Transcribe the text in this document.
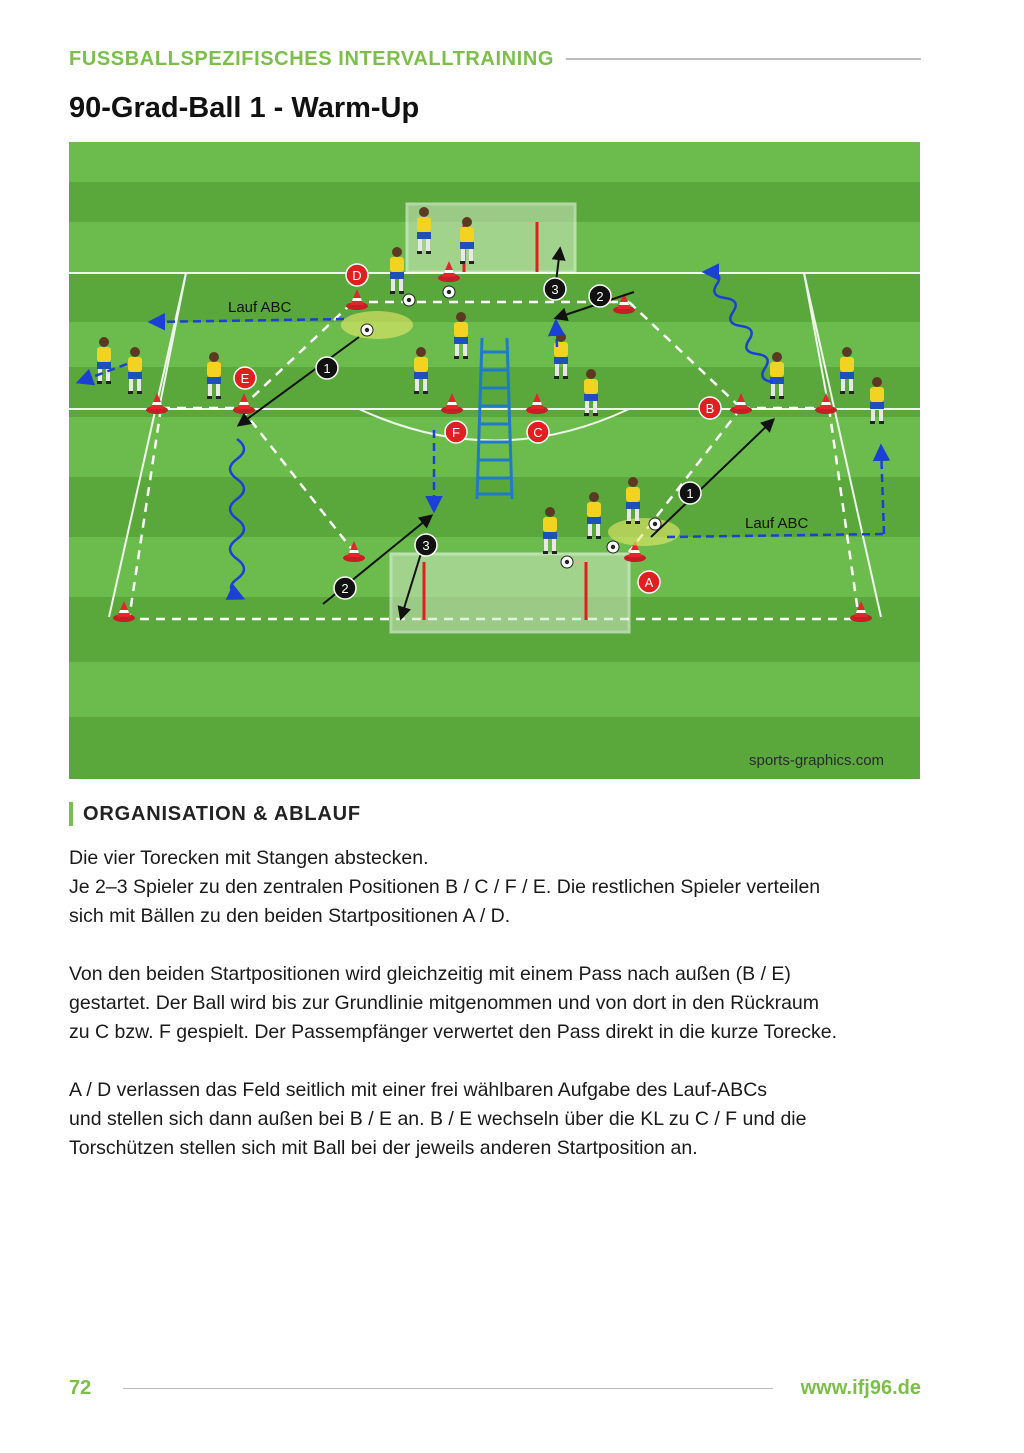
FUSSBALLSPEZIFISCHES INTERVALLTRAINING
90-Grad-Ball 1 - Warm-Up
Lauf ABC
Lauf ABC
sports-graphics.com
D
E
F	C
B
A
1
2
3
1
2
3
ORGANISATION & ABLAUF

Die vier Torecken mit Stangen abstecken.
Je 2–3 Spieler zu den zentralen Positionen B / C / F / E. Die restlichen Spieler verteilen
sich mit Bällen zu den beiden Startpositionen A / D.

Von den beiden Startpositionen wird gleichzeitig mit einem Pass nach außen (B / E)
gestartet. Der Ball wird bis zur Grundlinie mitgenommen und von dort in den Rückraum
zu C bzw. F gespielt. Der Passempfänger verwertet den Pass direkt in die kurze Torecke.

A / D verlassen das Feld seitlich mit einer frei wählbaren Aufgabe des Lauf-ABCs
und stellen sich dann außen bei B / E an. B / E wechseln über die KL zu C / F und die
Torschützen stellen sich mit Ball bei der jeweils anderen Startposition an.

72	www.ifj96.de
